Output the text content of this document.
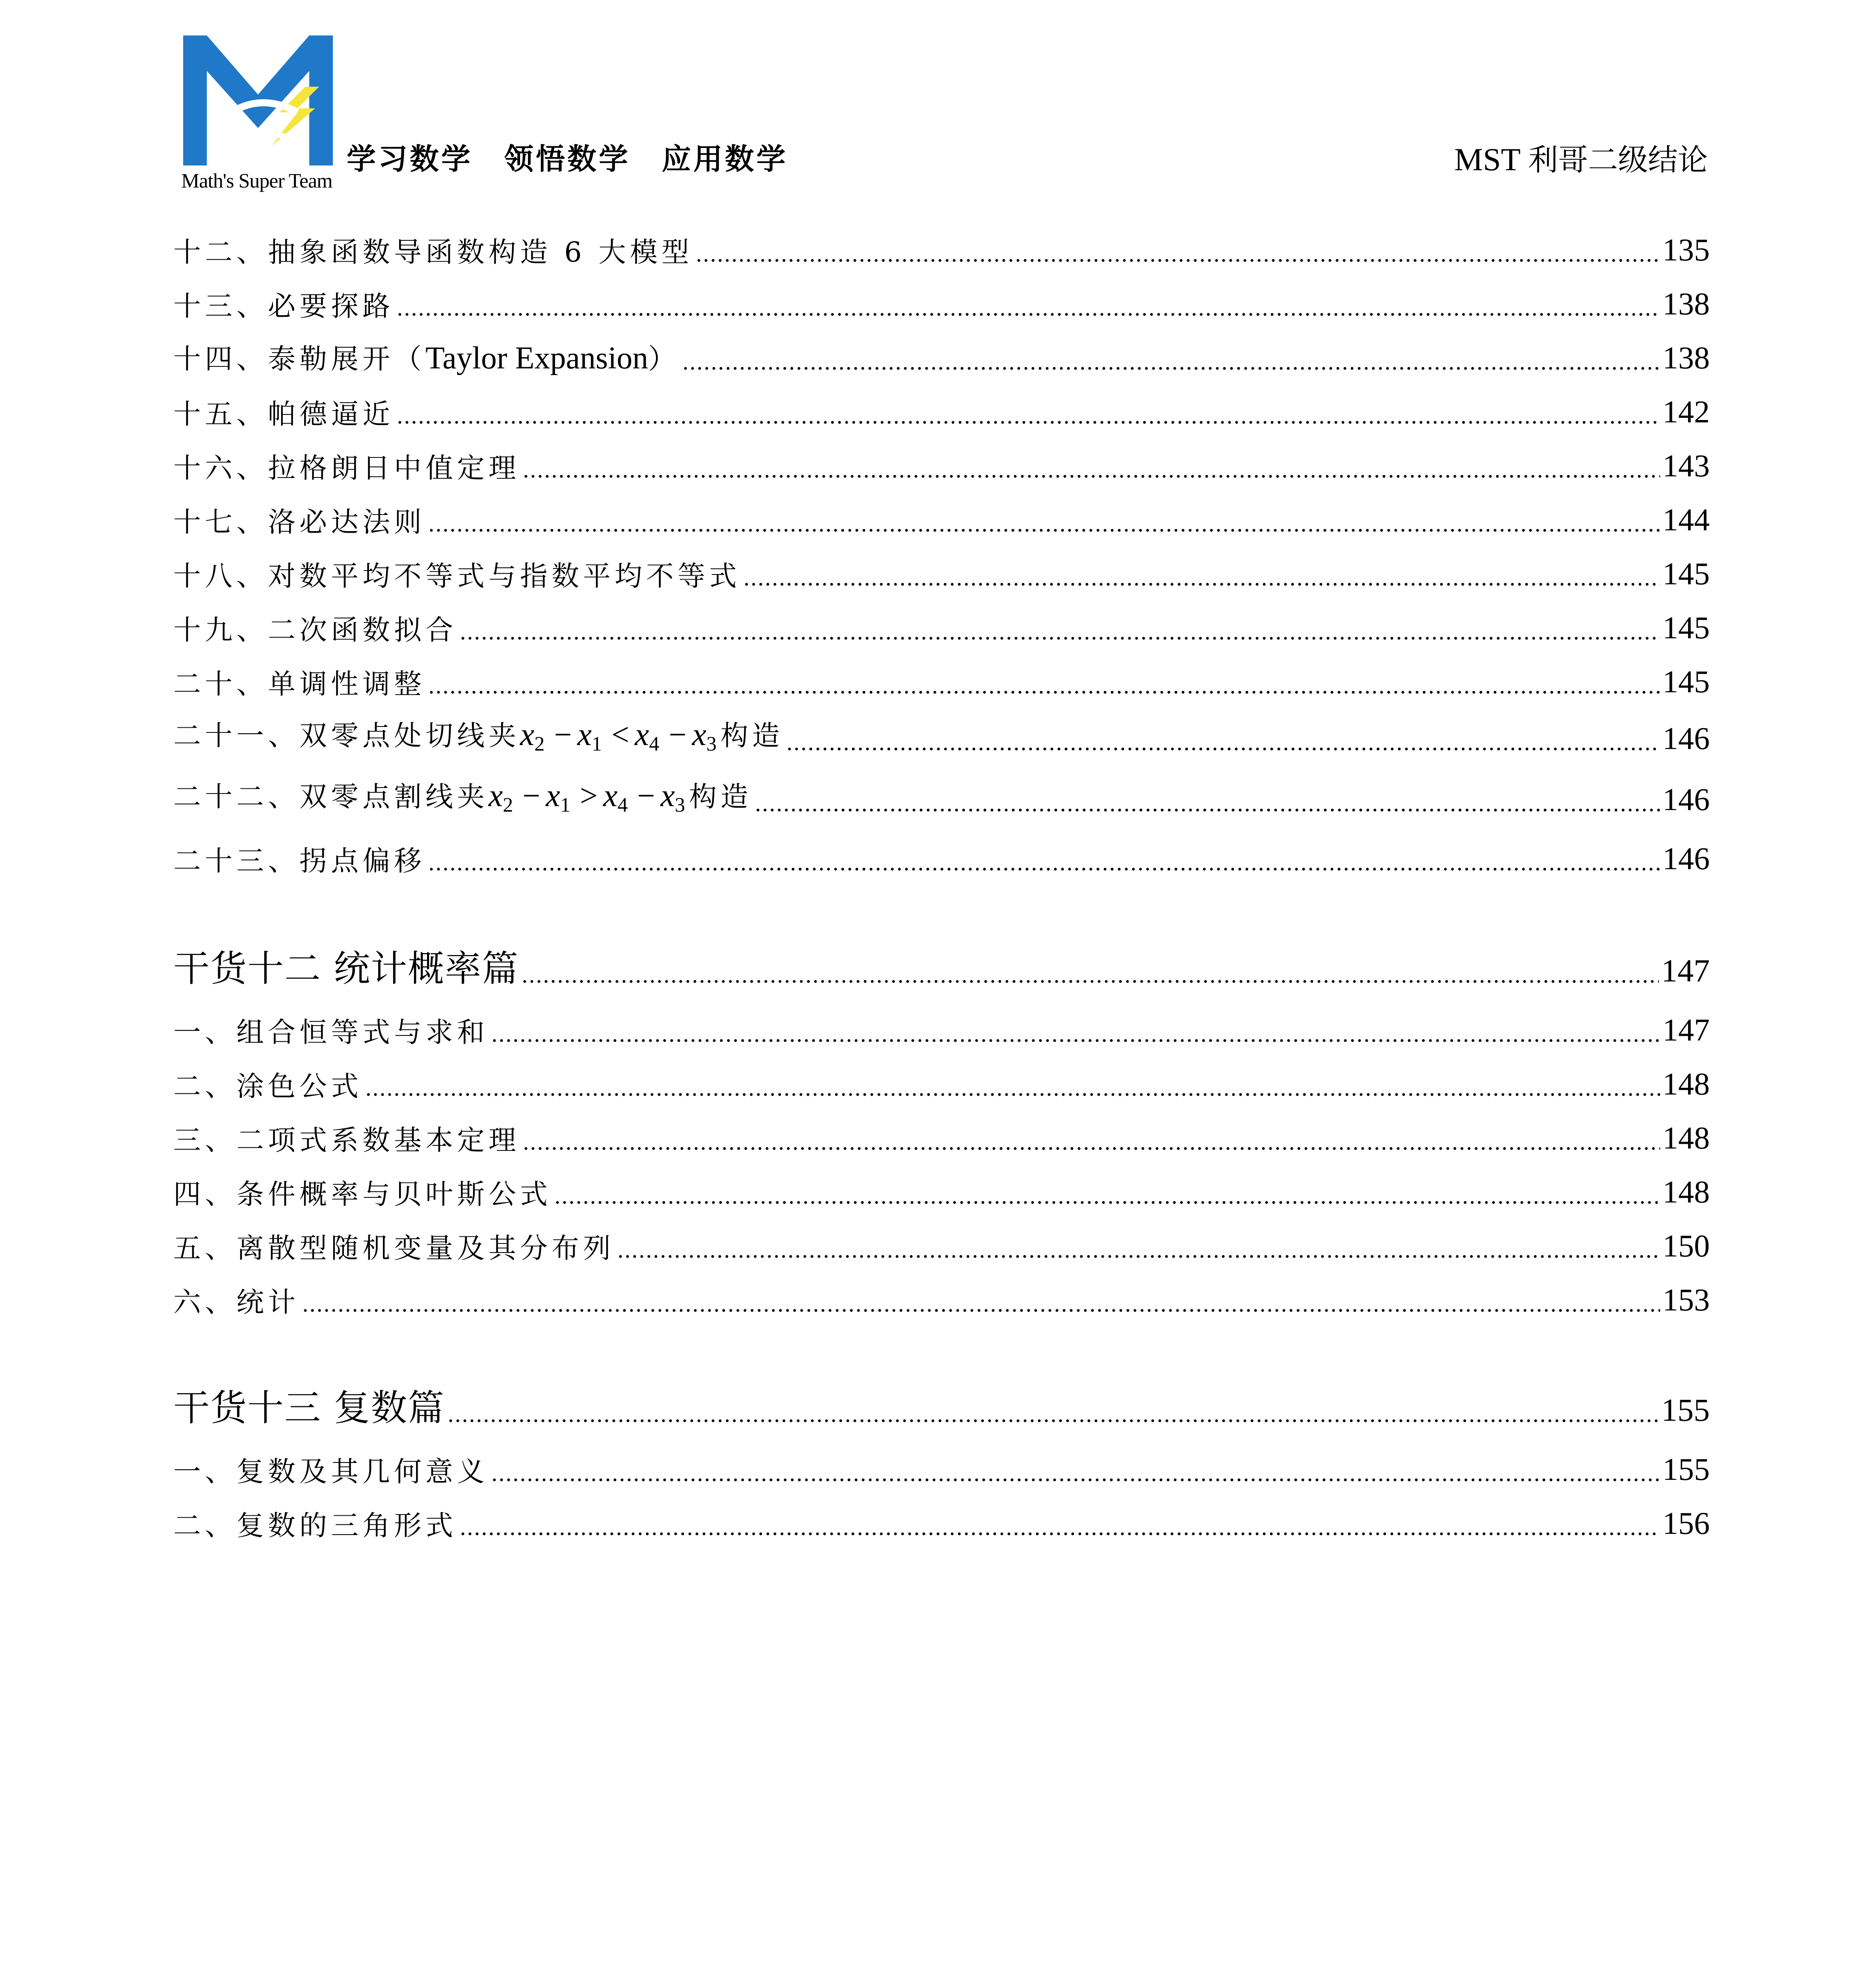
Math's Super Team
学习数学　领悟数学　应用数学	MST 利哥二级结论
十二、抽象函数导函数构造 6 大模型	135
十三、必要探路	138
十四、泰勒展开（Taylor Expansion）	138
十五、帕德逼近	142
十六、拉格朗日中值定理	143
十七、洛必达法则	144
十八、对数平均不等式与指数平均不等式	145
十九、二次函数拟合	145
二十、单调性调整	145
二十一、双零点处切线夹$x_2 - x_1 < x_4 - x_3$构造	146
二十二、双零点割线夹$x_2 - x_1 > x_4 - x_3$构造	146
二十三、拐点偏移	146
干货十二 统计概率篇	147
一、组合恒等式与求和	147
二、涂色公式	148
三、二项式系数基本定理	148
四、条件概率与贝叶斯公式	148
五、离散型随机变量及其分布列	150
六、统计	153
干货十三 复数篇	155
一、复数及其几何意义	155
二、复数的三角形式	156
